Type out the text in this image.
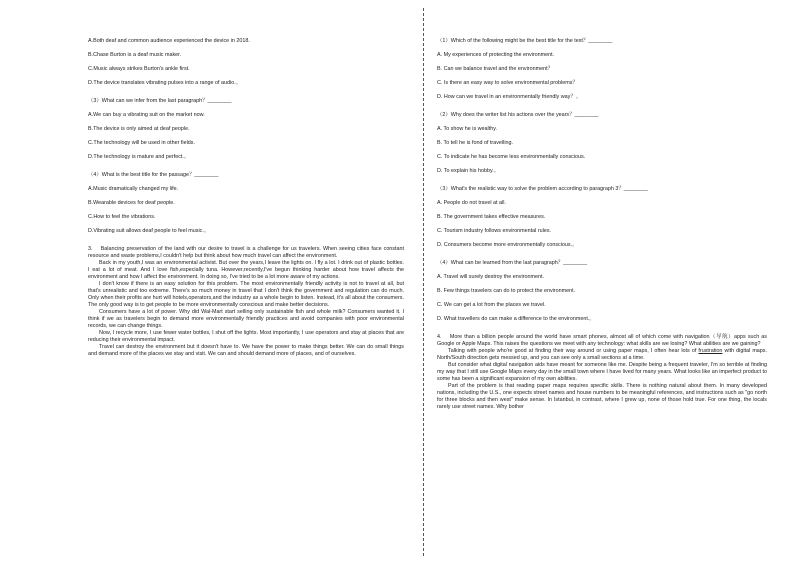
A.Both deaf and common audience experienced the device in 2018.

B.Chase Burton is a deaf music maker.

C.Music always strikes Burton's ankle first.

D.The device translates vibrating pulses into a range of audio.。

（3）What can we infer from the last paragraph？________

A.We can buy a vibrating suit on the market now.

B.The device is only aimed at deaf people.

C.The technology will be used in other fields.

D.The technology is mature and perfect.。

（4）What is the best title for the passage？________

A.Music dramatically changed my life.

B.Wearable devices for deaf people.

C.How to feel the vibrations.

D.Vibrating suit allows deaf people to feel music.。

3.    Balancing preservation of the land with our desire to travel is a challenge for us travelers. When seeing cities face constant resource and waste problems,I couldn't help but think about how much travel can affect the environment.

Back in my youth,I was an environmental activist. But over the years,I leave the lights on. I fly a lot. I drink out of plastic bottles. I eat a lot of meat. And I love fish,especially tuna. However,recently,I've begun thinking harder about how travel affects the environment and how I affect the environment. In doing so, I've tried to be a lot more aware of my actions.

I don't know if there is an easy solution for this problem. The most environmentally friendly activity is not to travel at all, but that's unrealistic and too extreme. There's so much money in travel that I don't think the government and regulation can do much. Only when their profits are hurt will hotels,operators,and the industry as a whole begin to listen. Instead, it's all about the consumers. The only good way is to get people to be more environmentally conscious and make better decisions.

Consumers have a lot of power. Why did Wal-Mart start selling only sustainable fish and whole milk? Consumers wanted it. I think if we as travelers begin to demand more environmentally friendly practices and avoid companies with poor environmental records, we can change things.

Now, I recycle more, I use fewer water bottles, I shut off the lights. Most importantly, I use operators and stay at places that are reducing their environmental impact.

Travel can destroy the environment but it doesn't have to. We have the power to make things better. We can do small things and demand more of the places we stay and visit. We can and should demand more of places, and of ourselves.

（1）Which of the following might be the best title for the text？________

A. My experiences of protecting the environment.

B. Can we balance travel and the environment？

C. Is there an easy way to solve environmental problems？

D. How can we travel in an environmentally friendly way？。

（2）Why does the writer list his actions over the years？________

A. To show he is wealthy.

B. To tell he is fond of travelling.

C. To indicate he has become less environmentally conscious.

D. To explain his hobby.。

（3）What's the realistic way to solve the problem according to paragraph 3？________

A. People do not travel at all.

B. The government takes effective measures.

C. Tourism industry follows environmental rules.

D. Consumers become more environmentally conscious.。

（4）What can be learned from the last paragraph？________

A. Travel will surely destroy the environment.

B. Few things travelers can do to protect the environment.

C. We can get a lot from the places we travel.

D. What travellers do can make a difference to the environment.。

4.    More than a billion people around the world have smart phones, almost all of which come with navigation（导航）apps such as Google or Apple Maps. This raises the questions we meet with any technology: what skills are we losing? What abilities are we gaining?

Talking with people who're good at finding their way around or using paper maps, I often hear lots of frustration with digital maps. North/South direction gets messed up, and you can see only a small sections at a time.

But consider what digital navigation aids have meant for someone like me. Despite being a frequent traveler, I'm so terrible at finding my way that I still use Google Maps every day in the small town where I have lived for many years. What looks like an imperfect product to some has been a significant expansion of my own abilities.

Part of the problem is that reading paper maps requires specific skills. There is nothing natural about them. In many developed nations, including the U.S., one expects street names and house numbers to be meaningful references, and instructions such as "go north for three blocks and then west" make sense. In Istanbul, in contrast, where I grew up, none of those hold true. For one thing, the locals rarely use street names. Why bother
